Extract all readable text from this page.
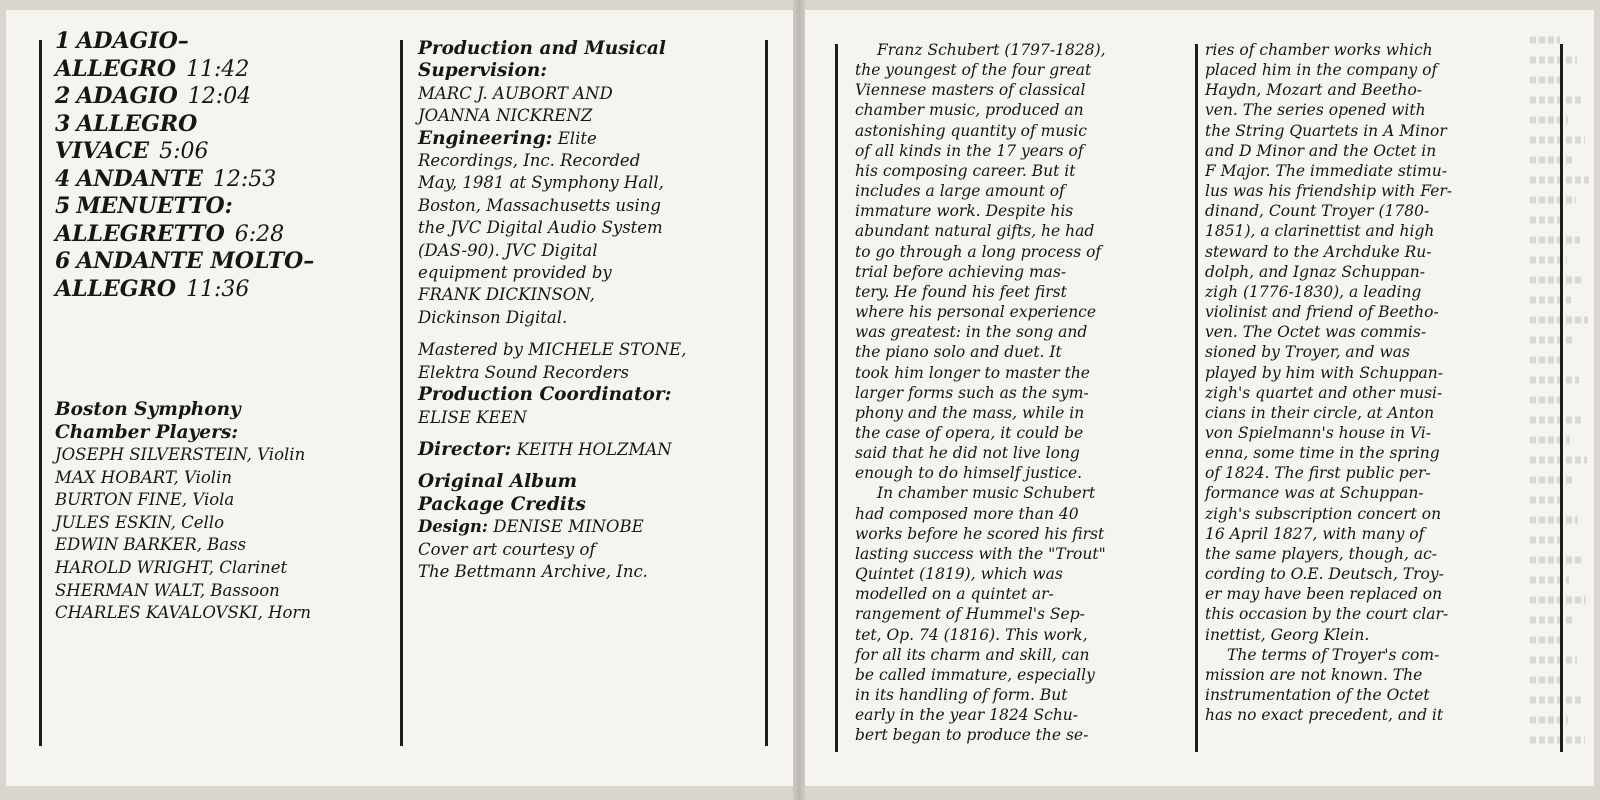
1 ADAGIO–
ALLEGRO 11:42
2 ADAGIO 12:04
3 ALLEGRO
VIVACE 5:06
4 ANDANTE 12:53
5 MENUETTO:
ALLEGRETTO 6:28
6 ANDANTE MOLTO–
ALLEGRO 11:36
Boston Symphony
Chamber Players:
JOSEPH SILVERSTEIN, Violin
MAX HOBART, Violin
BURTON FINE, Viola
JULES ESKIN, Cello
EDWIN BARKER, Bass
HAROLD WRIGHT, Clarinet
SHERMAN WALT, Bassoon
CHARLES KAVALOVSKI, Horn
Production and Musical
Supervision:
MARC J. AUBORT AND
JOANNA NICKRENZ
Engineering: Elite
Recordings, Inc. Recorded
May, 1981 at Symphony Hall,
Boston, Massachusetts using
the JVC Digital Audio System
(DAS-90). JVC Digital
equipment provided by
FRANK DICKINSON,
Dickinson Digital.
Mastered by MICHELE STONE,
Elektra Sound Recorders
Production Coordinator:
ELISE KEEN
Director: KEITH HOLZMAN
Original Album
Package Credits
Design: DENISE MINOBE
Cover art courtesy of
The Bettmann Archive, Inc.
Franz Schubert (1797-1828),
the youngest of the four great
Viennese masters of classical
chamber music, produced an
astonishing quantity of music
of all kinds in the 17 years of
his composing career. But it
includes a large amount of
immature work. Despite his
abundant natural gifts, he had
to go through a long process of
trial before achieving mas-
tery. He found his feet first
where his personal experience
was greatest: in the song and
the piano solo and duet. It
took him longer to master the
larger forms such as the sym-
phony and the mass, while in
the case of opera, it could be
said that he did not live long
enough to do himself justice.
In chamber music Schubert
had composed more than 40
works before he scored his first
lasting success with the "Trout"
Quintet (1819), which was
modelled on a quintet ar-
rangement of Hummel's Sep-
tet, Op. 74 (1816). This work,
for all its charm and skill, can
be called immature, especially
in its handling of form. But
early in the year 1824 Schu-
bert began to produce the se-
ries of chamber works which
placed him in the company of
Haydn, Mozart and Beetho-
ven. The series opened with
the String Quartets in A Minor
and D Minor and the Octet in
F Major. The immediate stimu-
lus was his friendship with Fer-
dinand, Count Troyer (1780-
1851), a clarinettist and high
steward to the Archduke Ru-
dolph, and Ignaz Schuppan-
zigh (1776-1830), a leading
violinist and friend of Beetho-
ven. The Octet was commis-
sioned by Troyer, and was
played by him with Schuppan-
zigh's quartet and other musi-
cians in their circle, at Anton
von Spielmann's house in Vi-
enna, some time in the spring
of 1824. The first public per-
formance was at Schuppan-
zigh's subscription concert on
16 April 1827, with many of
the same players, though, ac-
cording to O.E. Deutsch, Troy-
er may have been replaced on
this occasion by the court clar-
inettist, Georg Klein.
The terms of Troyer's com-
mission are not known. The
instrumentation of the Octet
has no exact precedent, and it
